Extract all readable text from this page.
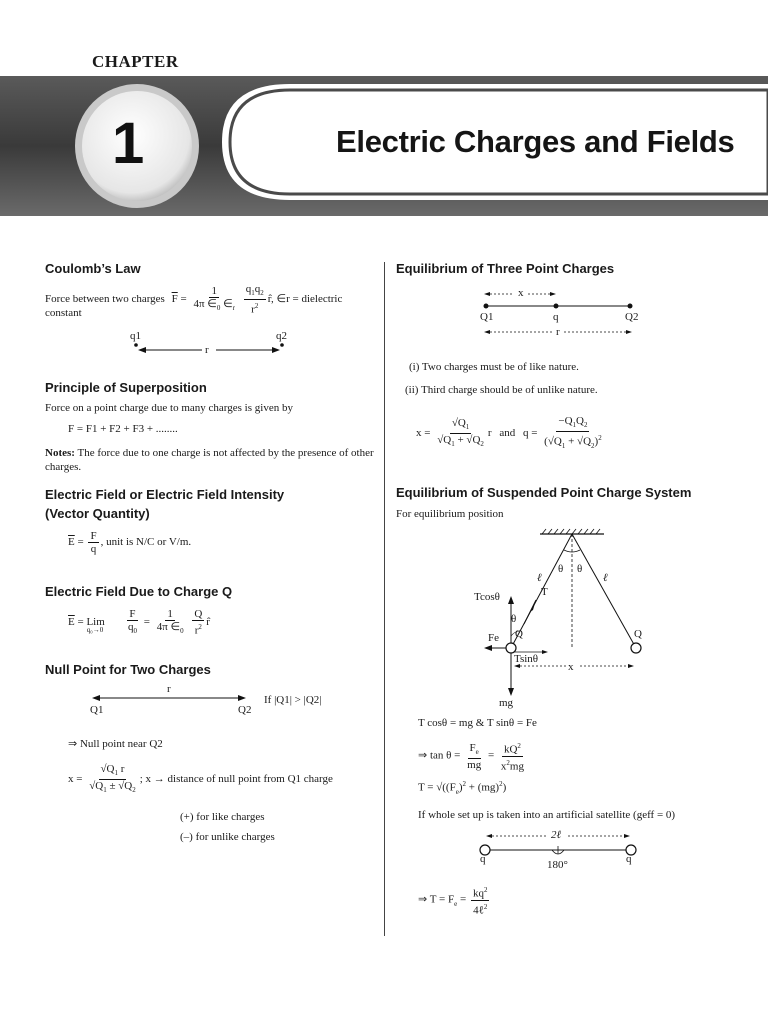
CHAPTER
1	Electric Charges and Fields
Coulomb’s Law
Force between two charges $\overline{F} = \frac{1}{4\pi \in_0 \in_r}$
$\frac{q_1q_2}{r^2}$ r̂, ∈r = dielectric
constant
q1	q2
r
Principle of Superposition
Force on a point charge due to many charges is given by
F = F1 + F2 + F3 + ........
Notes: The force due to one charge is not affected by the presence of other charges.
Electric Field or Electric Field Intensity
(Vector Quantity)
$\overline{E} = \frac{F}{q}$ , unit is N/C or V/m.
Electric Field Due to Charge Q
$\overline{E} = Lim_{q_0\to 0} \frac{F}{q_0} = \frac{1}{4\pi \in_0}$
$\frac{Q}{r^2}$ r̂
Null Point for Two Charges
r
Q1	Q2
If |Q1| > |Q2|
⇒ Null point near Q2
$x = \frac{√Q_1 r}{√Q_1 \pm √Q_2}$ ; x → distance of null point from Q1 charge
(+) for like charges
(–) for unlike charges
Equilibrium of Three Point Charges
x
Q1	q	Q2
r
(i) Two charges must be of like nature.
(ii) Third charge should be of unlike nature.
$x = \frac{√Q_1}{√Q_1 + √Q_2}$ r and $q = \frac{-Q_1Q_2}{(√Q_1 + √Q_2)^2}$
Equilibrium of Suspended Point Charge System
For equilibrium position
Tcosθ	T
ℓ	ℓ
θ θ
θ
Fe Q	Q
Tsinθ
x
mg
T cosθ = mg & T sinθ = Fe
⇒ $\tan \theta = \frac{F_e}{mg} = \frac{kQ^2}{x^2mg}$
$T = √((F_e)^2 + (mg)^2)$
If whole set up is taken into an artificial satellite (geff = 0)
2ℓ
q	q
180°
⇒ $T = F_e = \frac{kq^2}{4\ell^2}$
